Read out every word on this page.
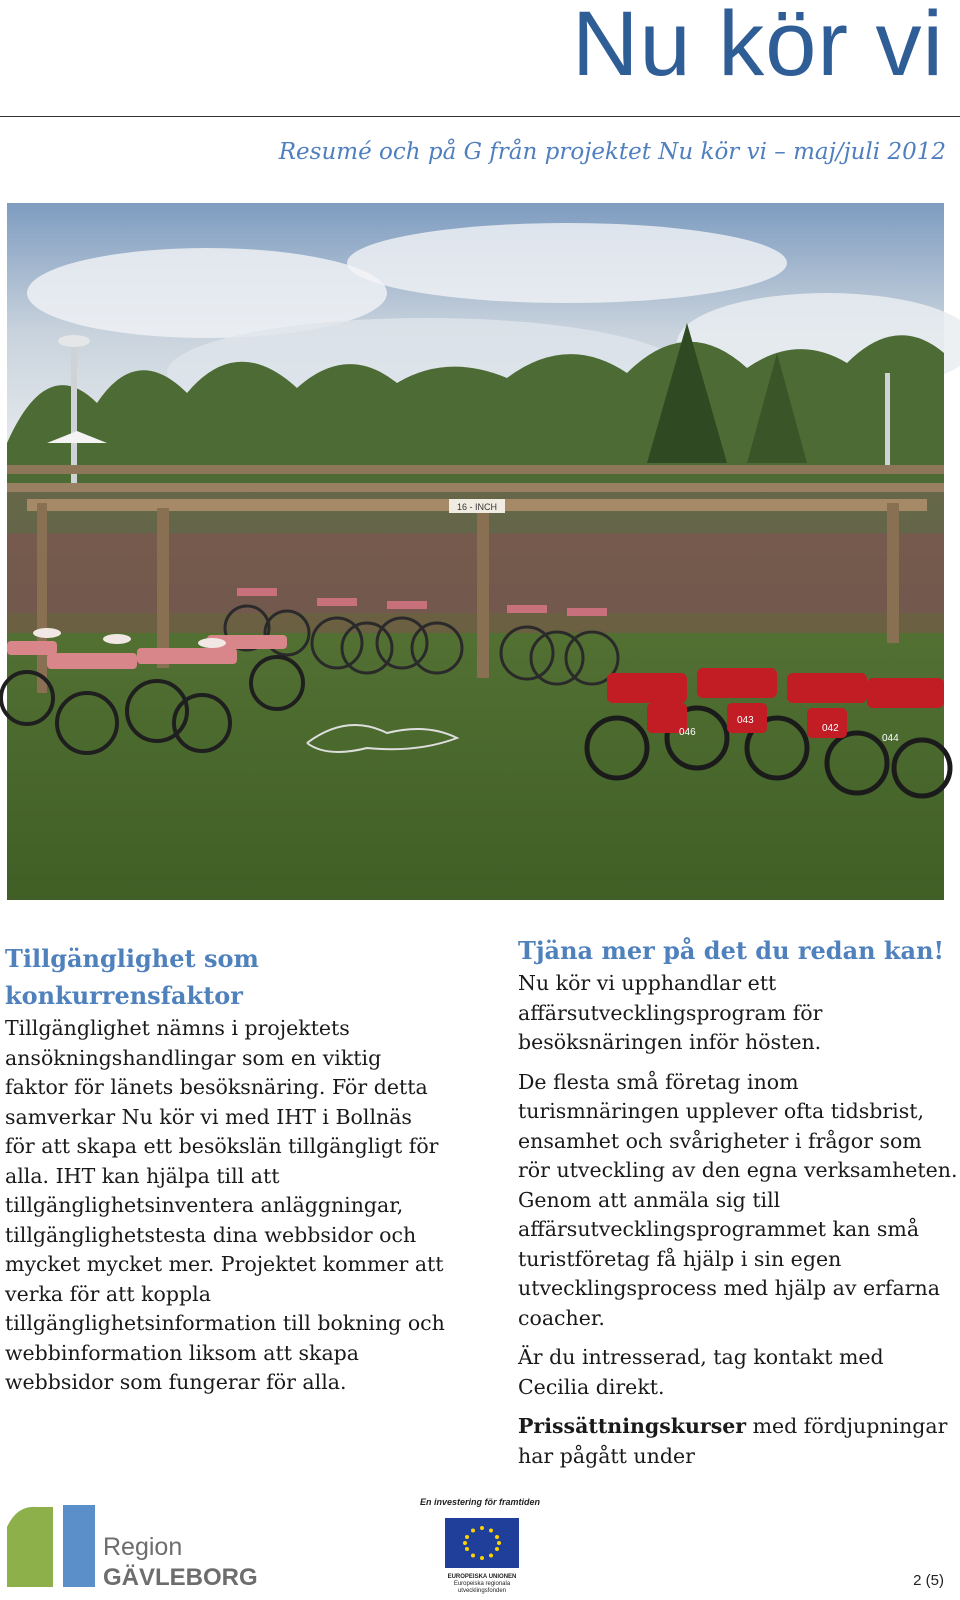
Nu kör vi

Resumé och på G från projektet Nu kör vi – maj/juli 2012

16 - INCH
043
046	042
044
Tillgänglighet som
konkurrensfaktor

Tillgänglighet nämns i projektets ansökningshandlingar som en viktig faktor för länets besöksnäring. För detta samverkar Nu kör vi med IHT i Bollnäs för att skapa ett besökslän tillgängligt för alla. IHT kan hjälpa till att tillgänglighetsinventera anläggningar, tillgänglighetstesta dina webbsidor och mycket mycket mer. Projektet kommer att verka för att koppla tillgänglighetsinformation till bokning och webbinformation liksom att skapa webbsidor som fungerar för alla.

Tjäna mer på det du redan kan!

Nu kör vi upphandlar ett affärsutvecklingsprogram för besöksnäringen inför hösten.

De flesta små företag inom turismnäringen upplever ofta tidsbrist, ensamhet och svårigheter i frågor som rör utveckling av den egna verksamheten. Genom att anmäla sig till affärsutvecklingsprogrammet kan små turistföretag få hjälp i sin egen utvecklingsprocess med hjälp av erfarna coacher.

Är du intresserad, tag kontakt med Cecilia direkt.

Prissättningskurser med fördjupningar har pågått under

Region
GÄVLEBORG
En investering för framtiden
EUROPEISKA UNIONEN
Europeiska regionala
utvecklingsfonden
2 (5)
